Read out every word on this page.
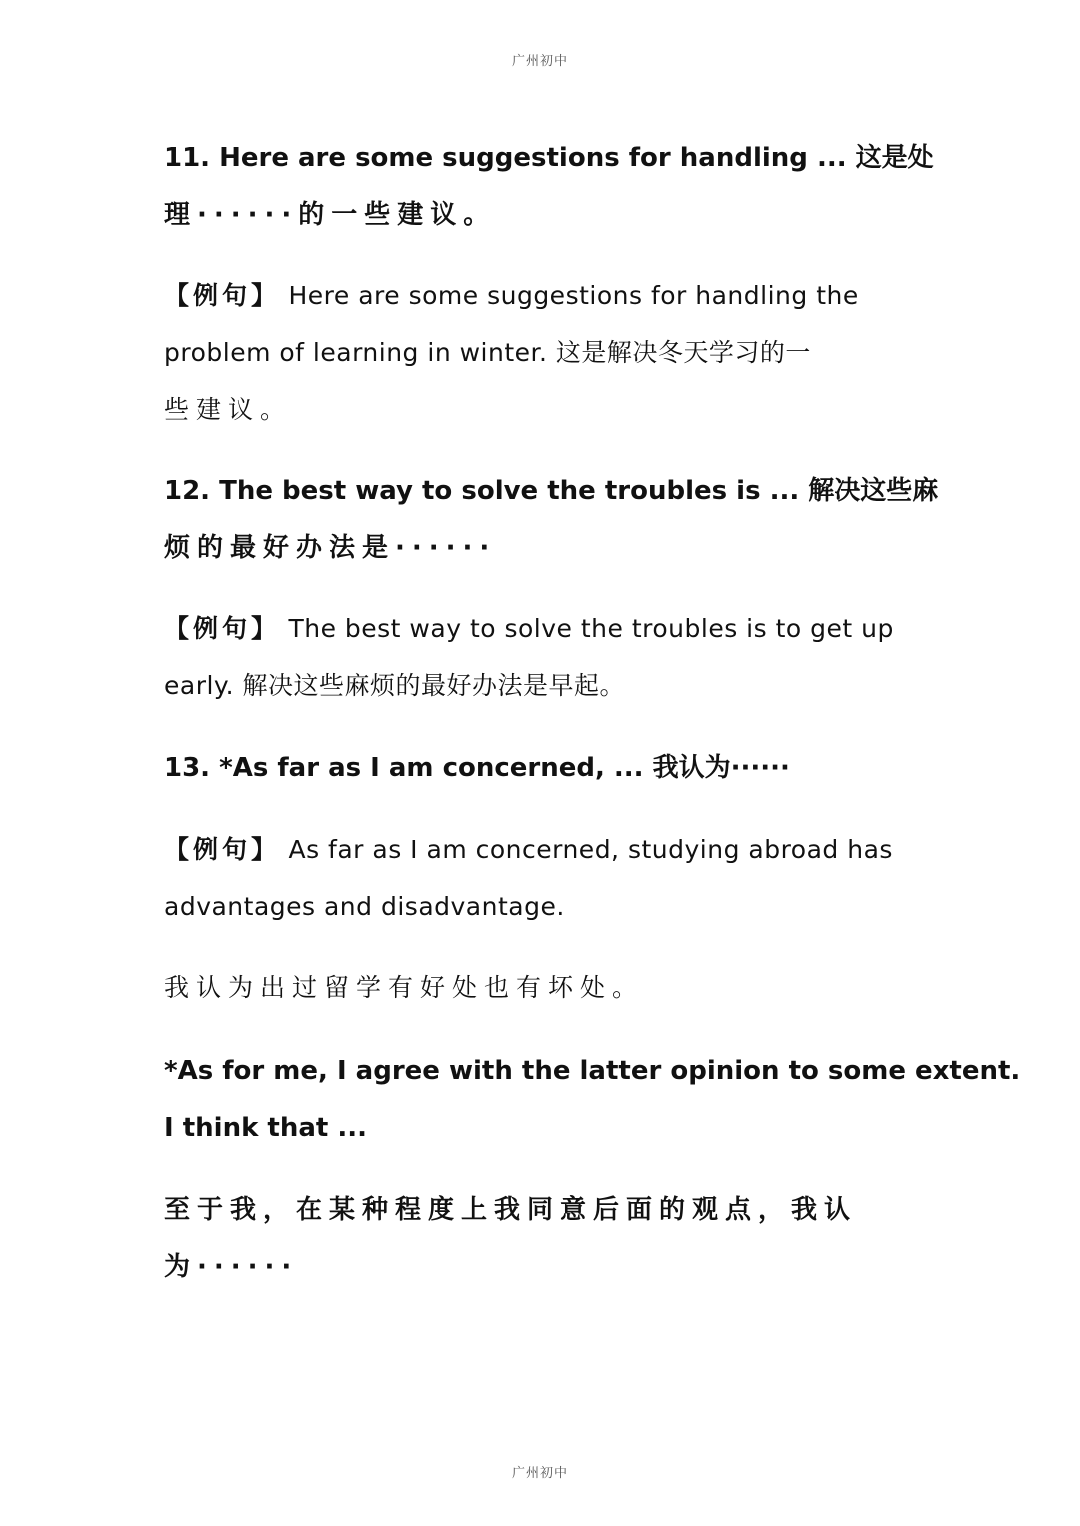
广州初中
11. Here are some suggestions for handling ... 这是处
理······的一些建议。
【例句】 Here are some suggestions for handling the
problem of learning in winter. 这是解决冬天学习的一
些建议。
12. The best way to solve the troubles is ... 解决这些麻
烦的最好办法是······
【例句】 The best way to solve the troubles is to get up
early. 解决这些麻烦的最好办法是早起。
13. *As far as I am concerned, ... 我认为······
【例句】 As far as I am concerned, studying abroad has
advantages and disadvantage.
我认为出过留学有好处也有坏处。
*As for me, I agree with the latter opinion to some extent.
I think that ...
至于我，在某种程度上我同意后面的观点，我认
为······
广州初中
